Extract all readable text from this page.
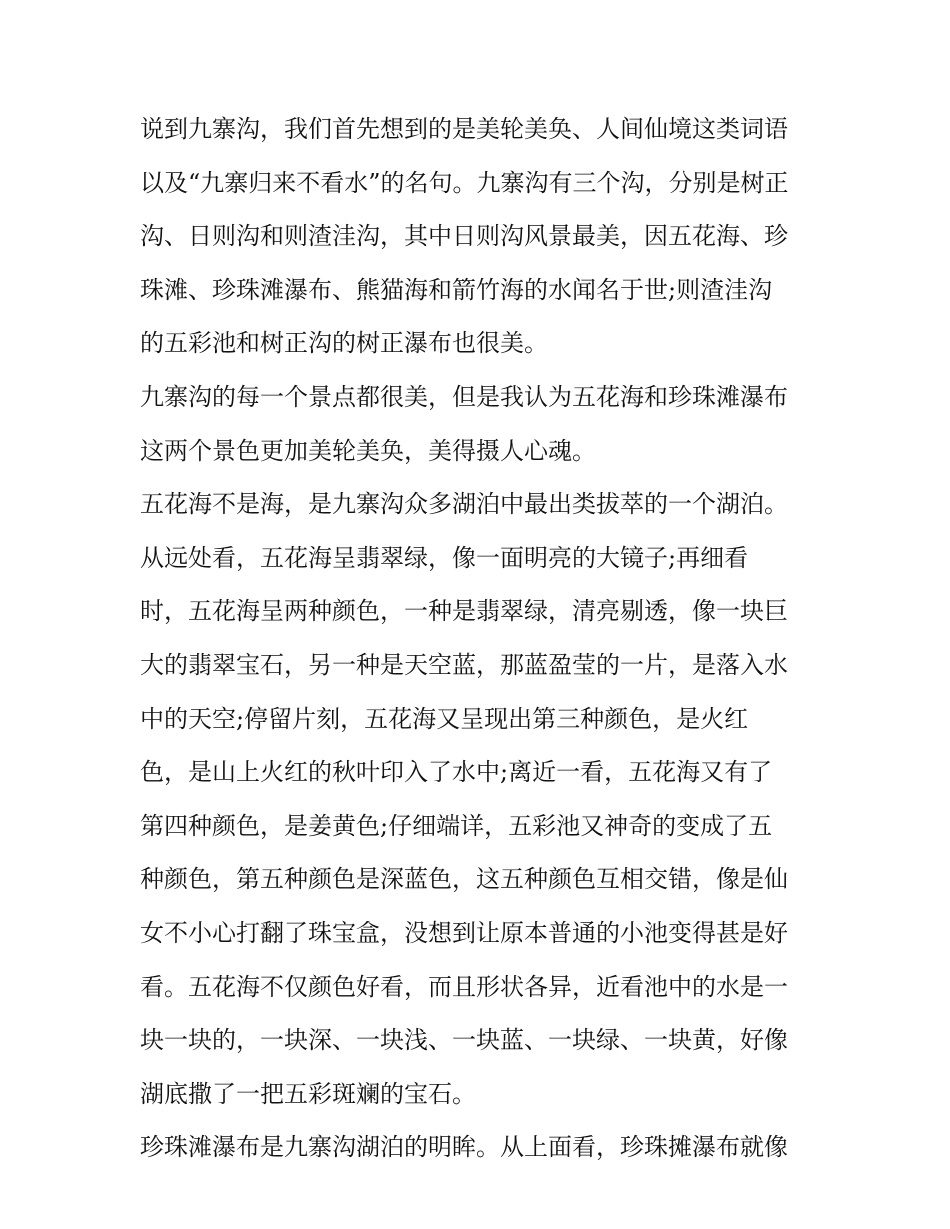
说到九寨沟，我们首先想到的是美轮美奂、人间仙境这类词语
以及“九寨归来不看水”的名句。九寨沟有三个沟，分别是树正
沟、日则沟和则渣洼沟，其中日则沟风景最美，因五花海、珍
珠滩、珍珠滩瀑布、熊猫海和箭竹海的水闻名于世;则渣洼沟
的五彩池和树正沟的树正瀑布也很美。
九寨沟的每一个景点都很美，但是我认为五花海和珍珠滩瀑布
这两个景色更加美轮美奂，美得摄人心魂。
五花海不是海，是九寨沟众多湖泊中最出类拔萃的一个湖泊。
从远处看，五花海呈翡翠绿，像一面明亮的大镜子;再细看
时，五花海呈两种颜色，一种是翡翠绿，清亮剔透，像一块巨
大的翡翠宝石，另一种是天空蓝，那蓝盈莹的一片，是落入水
中的天空;停留片刻，五花海又呈现出第三种颜色，是火红
色，是山上火红的秋叶印入了水中;离近一看，五花海又有了
第四种颜色，是姜黄色;仔细端详，五彩池又神奇的变成了五
种颜色，第五种颜色是深蓝色，这五种颜色互相交错，像是仙
女不小心打翻了珠宝盒，没想到让原本普通的小池变得甚是好
看。五花海不仅颜色好看，而且形状各异，近看池中的水是一
块一块的，一块深、一块浅、一块蓝、一块绿、一块黄，好像
湖底撒了一把五彩斑斓的宝石。
珍珠滩瀑布是九寨沟湖泊的明眸。从上面看，珍珠摊瀑布就像
